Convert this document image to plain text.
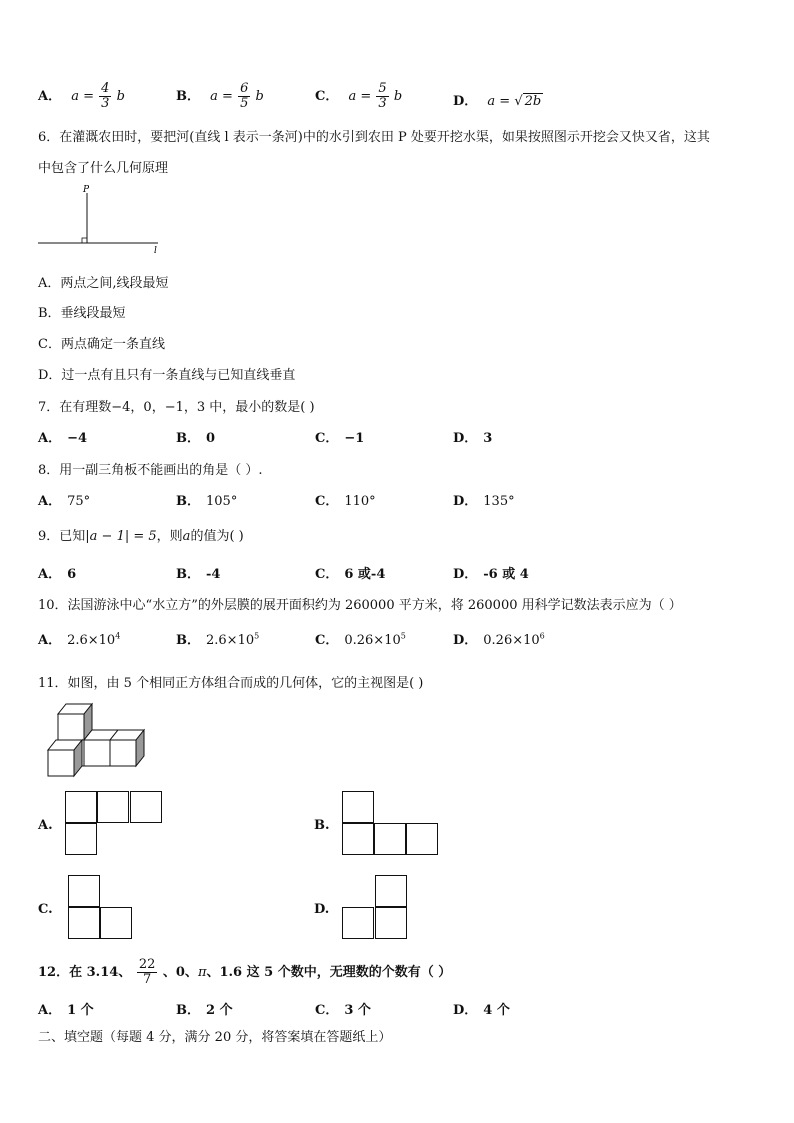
A． $a = \frac{4}{3}$ b	B． $a = \frac{6}{5}$ b	C． $a = \frac{5}{3}$ b	D． a = √ 2b
6．在灌溉农田时，要把河(直线 l 表示一条河)中的水引到农田 P 处要开挖水渠，如果按照图示开挖会又快又省，这其
中包含了什么几何原理
P
l
A．两点之间,线段最短
B．垂线段最短
C．两点确定一条直线
D．过一点有且只有一条直线与已知直线垂直
7．在有理数−4，0，−1，3 中，最小的数是( )
A． −4	B． 0	C． −1	D． 3
8．用一副三角板不能画出的角是（ ）.
A． 75°	B． 105°	C． 110°	D． 135°
9．已知|a − 1| = 5，则a的值为( )
A． 6	B． -4	C． 6 或-4	D． -6 或 4
10．法国游泳中心“水立方”的外层膜的展开面积约为 260000 平方米，将 260000 用科学记数法表示应为（ ）
A． $2.6\times 10^4$	B． $2.6\times 10^5$	C． $0.26\times 10^5$	D． $0.26\times 10^6$
11．如图，由 5 个相同正方体组合而成的几何体，它的主视图是( )
A.	B.
C.	D.
12．在 3.14、 $\frac{22}{7}$ 、0、π、1.6 这 5 个数中，无理数的个数有（ ）
A． 1 个	B． 2 个	C． 3 个	D． 4 个
二、填空题（每题 4 分，满分 20 分，将答案填在答题纸上）
